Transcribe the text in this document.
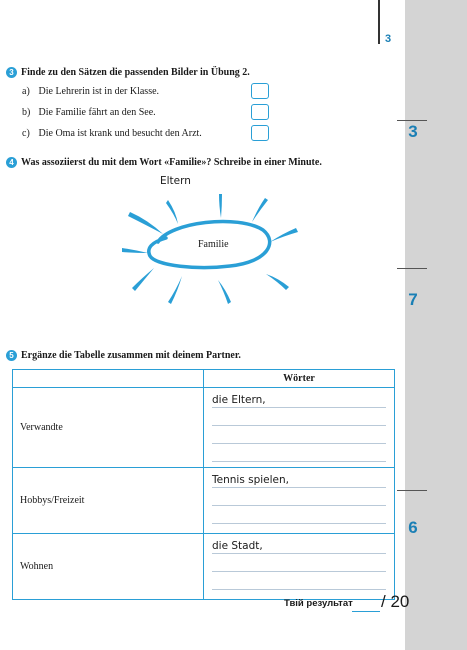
3
3
7
6
3 Finde zu den Sätzen die passenden Bilder in Übung 2.
a) Die Lehrerin ist in der Klasse.
b) Die Familie fährt an den See.
c) Die Oma ist krank und besucht den Arzt.
4 Was assoziierst du mit dem Wort «Familie»? Schreibe in einer Minute.
Eltern
Familie
5 Ergänze die Tabelle zusammen mit deinem Partner.
	Wörter
Verwandte	die Eltern,

Hobbys/Freizeit	Tennis spielen,

Wohnen	die Stadt,
Твій результат / 20
